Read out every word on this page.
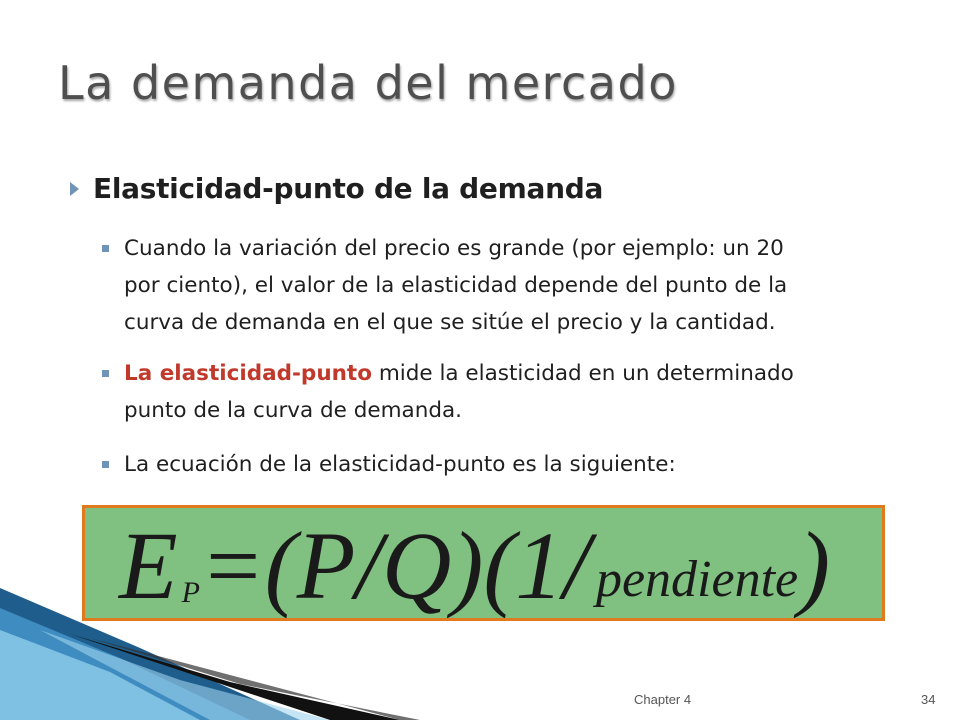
La demanda del mercado
Elasticidad-punto de la demanda
Cuando la variación del precio es grande (por ejemplo: un 20
por ciento), el valor de la elasticidad depende del punto de la
curva de demanda en el que se sitúe el precio y la cantidad.
La elasticidad-punto mide la elasticidad en un determinado
punto de la curva de demanda.
La ecuación de la elasticidad-punto es la siguiente:
E P=(P/Q)(1/ pendiente)
Chapter 4	34
